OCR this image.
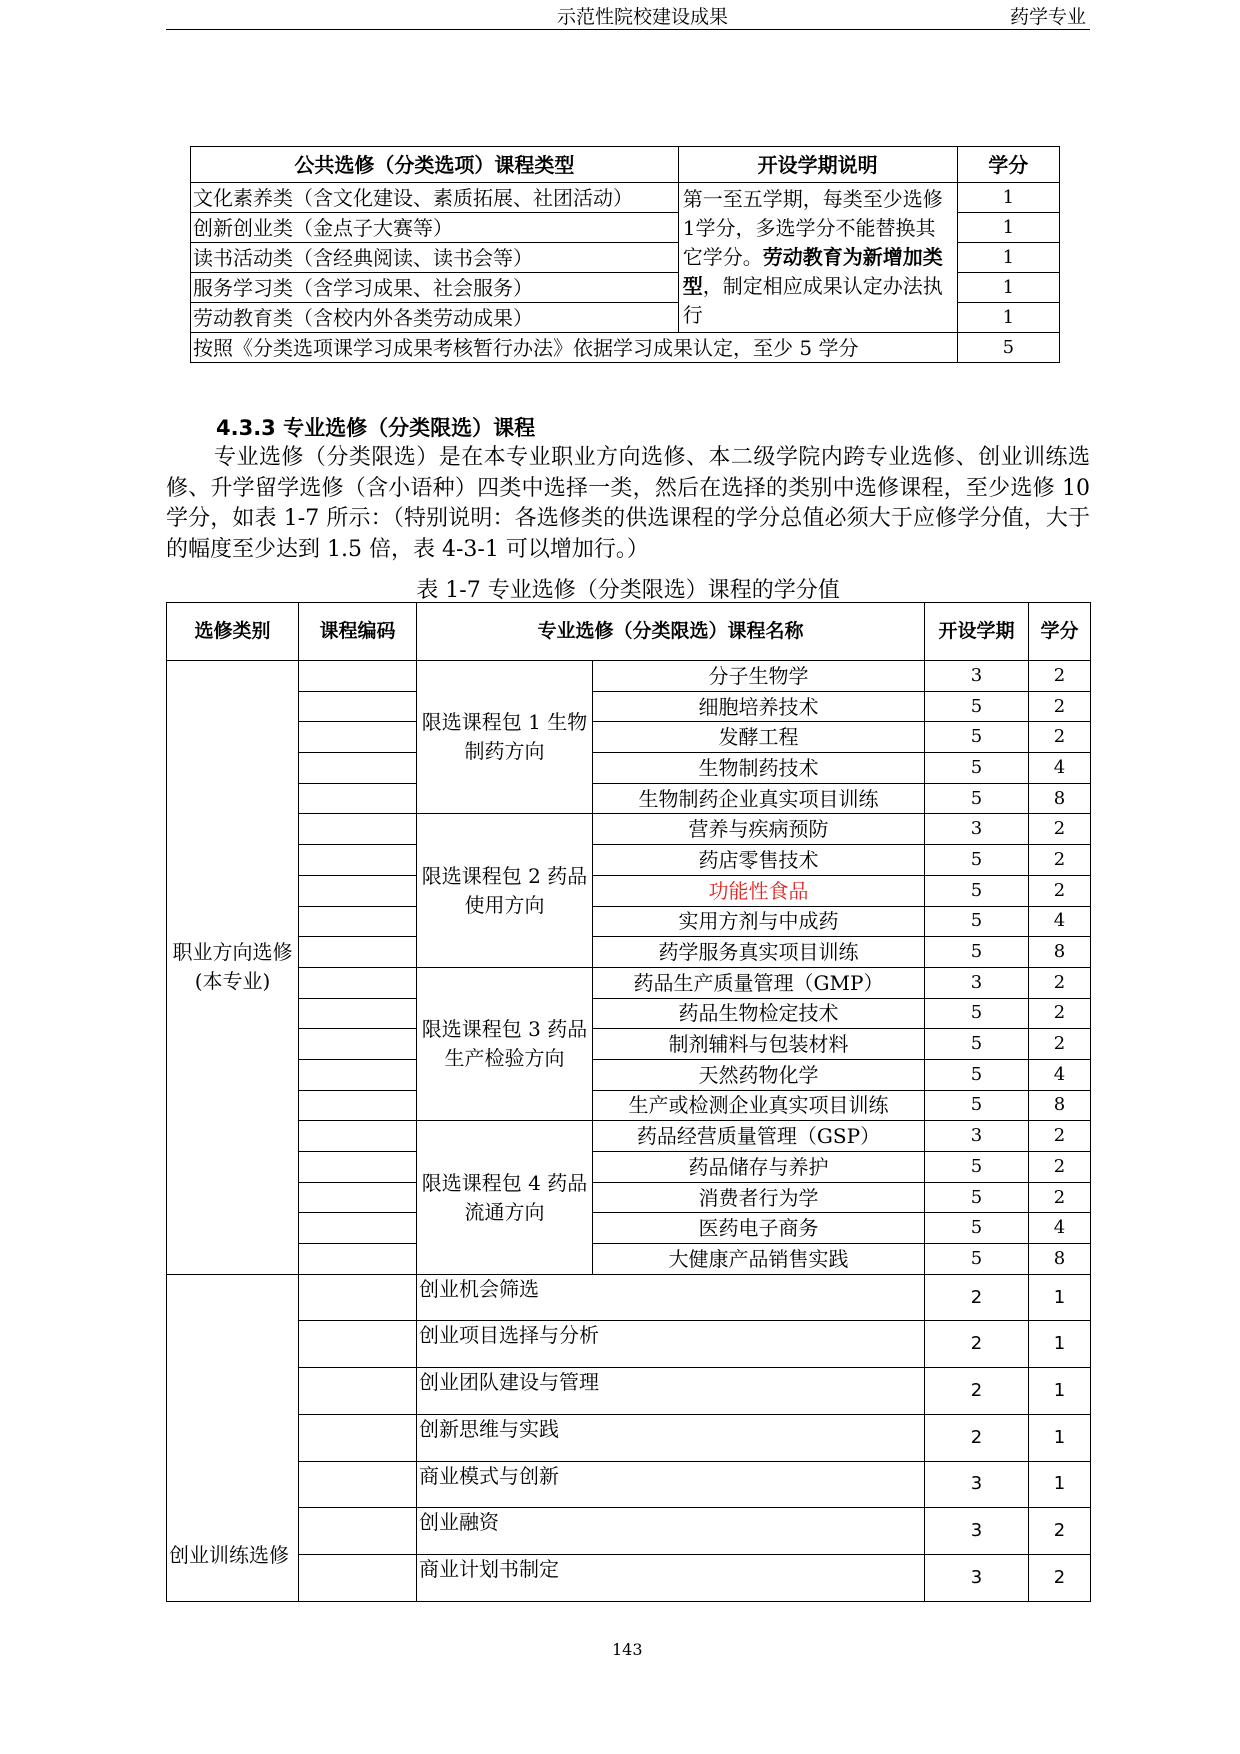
示范性院校建设成果	药学专业
公共选修（分类选项）课程类型	开设学期说明	学分
文化素养类（含文化建设、素质拓展、社团活动）	第一至五学期，每类至少选修1学分，多选学分不能替换其它学分。劳动教育为新增加类型，制定相应成果认定办法执行	1
创新创业类（金点子大赛等）		1
读书活动类（含经典阅读、读书会等）		1
服务学习类（含学习成果、社会服务）		1
劳动教育类（含校内外各类劳动成果）		1
按照《分类选项课学习成果考核暂行办法》依据学习成果认定，至少 5 学分		5
4.3.3 专业选修（分类限选）课程

专业选修（分类限选）是在本专业职业方向选修、本二级学院内跨专业选修、创业训练选修、升学留学选修（含小语种）四类中选择一类，然后在选择的类别中选修课程，至少选修 10 学分，如表 1-7 所示：（特别说明：各选修类的供选课程的学分总值必须大于应修学分值，大于的幅度至少达到 1.5 倍，表 4-3-1 可以增加行。）

表 1-7 专业选修（分类限选）课程的学分值
选修类别	课程编码	专业选修（分类限选）课程名称		开设学期	学分
职业方向选修(本专业)		限选课程包 1 生物制药方向	分子生物学	3	2
			细胞培养技术	5	2
			发酵工程	5	2
			生物制药技术	5	4
			生物制药企业真实项目训练	5	8
		限选课程包 2 药品使用方向	营养与疾病预防	3	2
			药店零售技术	5	2
			功能性食品	5	2
			实用方剂与中成药	5	4
			药学服务真实项目训练	5	8
		限选课程包 3 药品生产检验方向	药品生产质量管理（GMP）	3	2
			药品生物检定技术	5	2
			制剂辅料与包装材料	5	2
			天然药物化学	5	4
			生产或检测企业真实项目训练	5	8
		限选课程包 4 药品流通方向	药品经营质量管理（GSP）	3	2
			药品储存与养护	5	2
			消费者行为学	5	2
			医药电子商务	5	4
			大健康产品销售实践	5	8
创业训练选修		创业机会筛选		2	1
		创业项目选择与分析		2	1
		创业团队建设与管理		2	1
		创新思维与实践		2	1
		商业模式与创新		3	1
		创业融资		3	2
		商业计划书制定		3	2
143
